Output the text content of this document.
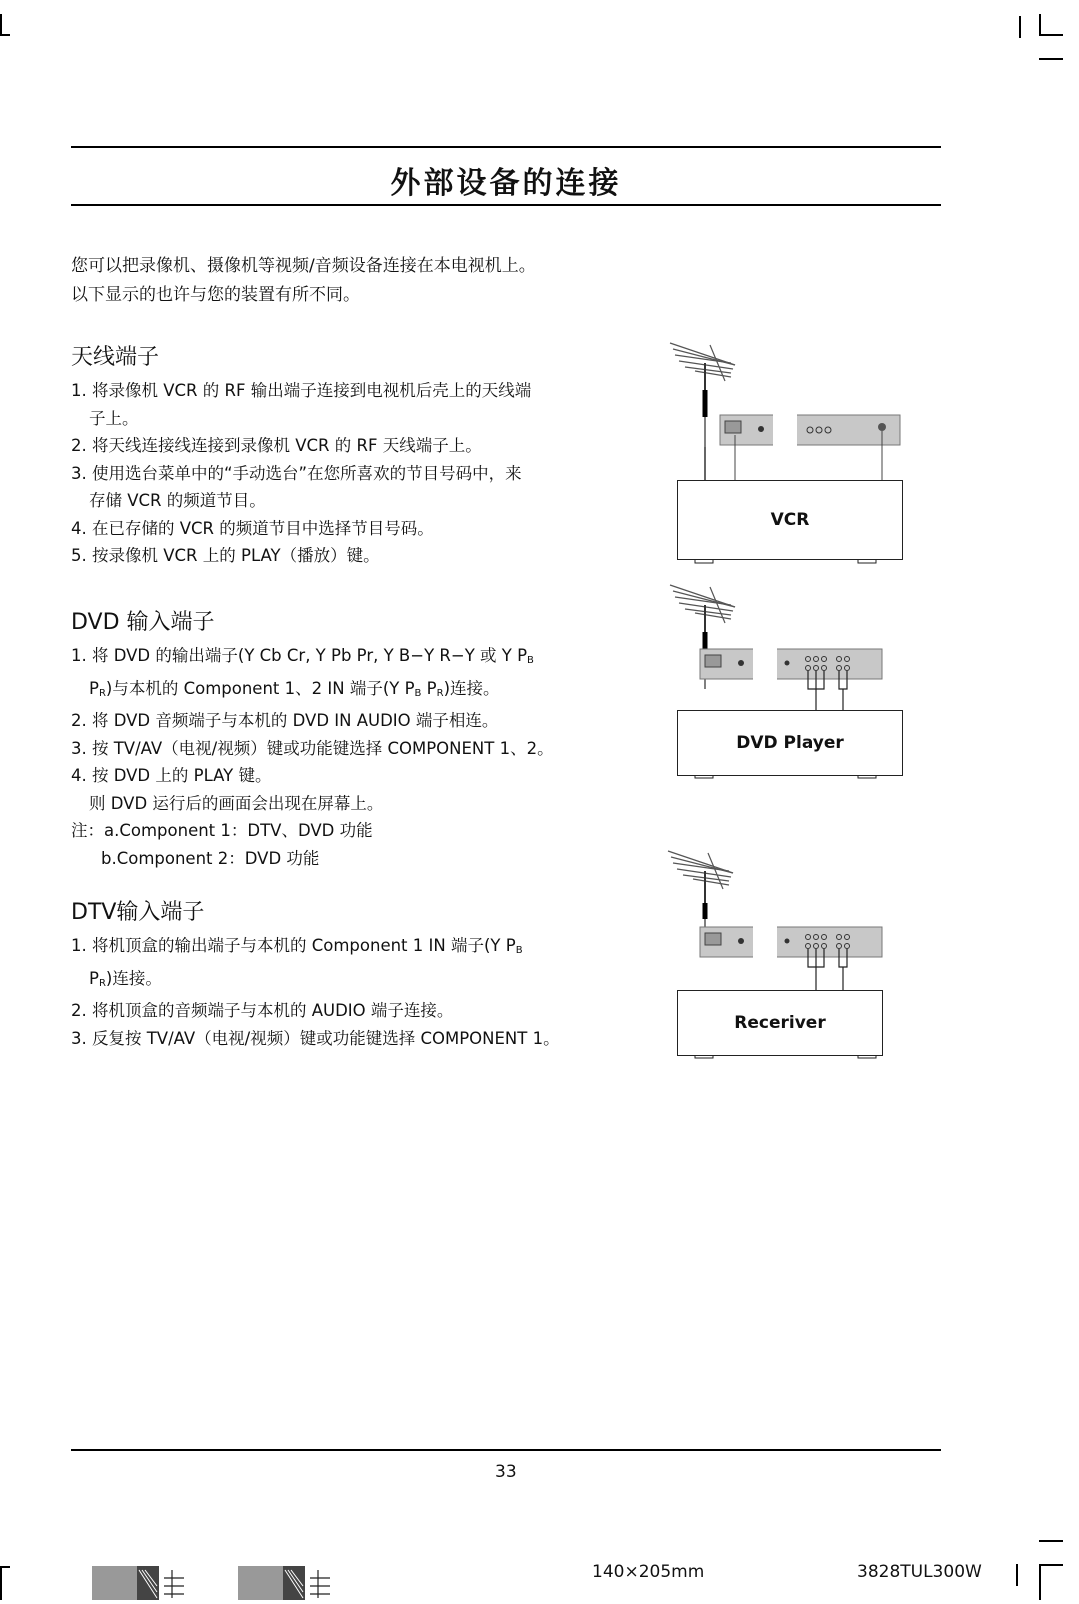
外部设备的连接
您可以把录像机、摄像机等视频/音频设备连接在本电视机上。
以下显示的也许与您的装置有所不同。
天线端子
1. 将录像机 VCR 的 RF 输出端子连接到电视机后壳上的天线端
子上。
2. 将天线连接线连接到录像机 VCR 的 RF 天线端子上。
3. 使用选台菜单中的“手动选台”在您所喜欢的节目号码中，来
存储 VCR 的频道节目。
4. 在已存储的 VCR 的频道节目中选择节目号码。
5. 按录像机 VCR 上的 PLAY（播放）键。
DVD 输入端子
1. 将 DVD 的输出端子(Y Cb Cr, Y Pb Pr, Y B−Y R−Y 或 Y $P_B$
$P_R$)与本机的 Component 1、2 IN 端子(Y $P_B$ $P_R$)连接。
2. 将 DVD 音频端子与本机的 DVD IN AUDIO 端子相连。
3. 按 TV/AV（电视/视频）键或功能键选择 COMPONENT 1、2。
4. 按 DVD 上的 PLAY 键。
则 DVD 运行后的画面会出现在屏幕上。
注：a.Component 1：DTV、DVD 功能
b.Component 2：DVD 功能
DTV输入端子
1. 将机顶盒的输出端子与本机的 Component 1 IN 端子(Y $P_B$
$P_R$)连接。
2. 将机顶盒的音频端子与本机的 AUDIO 端子连接。
3. 反复按 TV/AV（电视/视频）键或功能键选择 COMPONENT 1。
VCR
DVD Player
Receriver
33
140×205mm	3828TUL300W
